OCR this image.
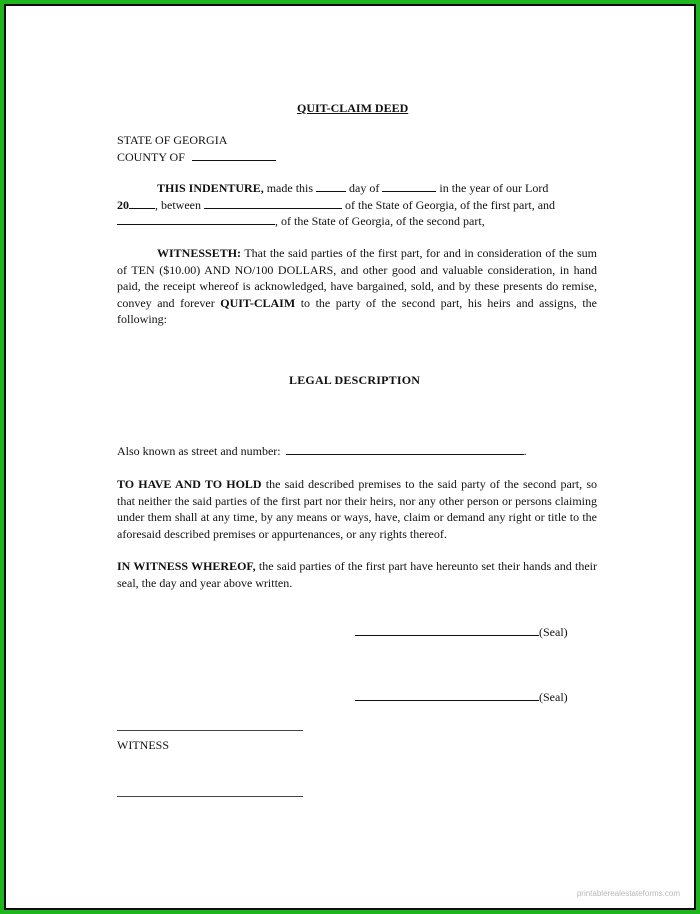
QUIT-CLAIM DEED
STATE OF GEORGIA
COUNTY OF
THIS INDENTURE, made this	day of	in the year of our Lord
20 , between	of the State of Georgia, of the first part, and
, of the State of Georgia, of the second part,
WITNESSETH: That the said parties of the first part, for and in consideration of the sum of TEN ($10.00) AND NO/100 DOLLARS, and other good and valuable consideration, in hand paid, the receipt whereof is acknowledged, have bargained, sold, and by these presents do remise, convey and forever QUIT-CLAIM to the party of the second part, his heirs and assigns, the following:
LEGAL DESCRIPTION
Also known as street and number:	.
TO HAVE AND TO HOLD the said described premises to the said party of the second part, so that neither the said parties of the first part nor their heirs, nor any other person or persons claiming under them shall at any time, by any means or ways, have, claim or demand any right or title to the aforesaid described premises or appurtenances, or any rights thereof.
IN WITNESS WHEREOF, the said parties of the first part have hereunto set their hands and their seal, the day and year above written.
(Seal)
(Seal)
WITNESS
printablerealestateforms.com
